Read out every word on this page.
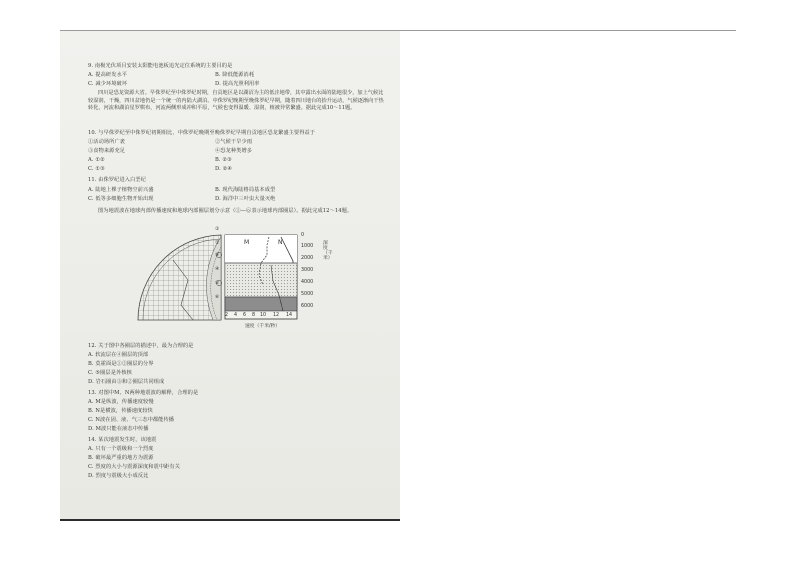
9. 南极光伏项目安装太阳能电池板追光定位系统的主要目的是
A. 提高研发水平	B. 降低能源消耗
C. 减少环境破坏	D. 提高光照利用率
四川是恐龙资源大省。早侏罗纪至中侏罗纪时期，自贡地区是以湖沼为主的低洼地带，其中露出水面的陆地很少，加上气候比较湿润，干燥，四川盆地仍是一个统一的内陆大湖泊。中侏罗纪晚期至晚侏罗纪早期，随着四川地台的抬升运动，气候逐渐向干热转化，河流和湖泊星罗棋布，河流两侧形成冲积平原，气候也变得温暖、湿润，植被异常繁盛。据此完成10～11题。
10. 与早侏罗纪至中侏罗纪初期相比，中侏罗纪晚期至晚侏罗纪早期自贡地区恐龙繁盛主要得益于
①活动场所广袤	②气候干旱少雨
③食物来源充足	④恐龙种类增多
A. ①②	B. ②③
C. ①③	D. ②④
11. 由侏罗纪进入白垩纪
A. 陆地上裸子植物空前兴盛	B. 现代海陆格局基本成型
C. 低等多细胞生物开始出现	D. 海洋中三叶虫大量灭绝
图为地震波在地球内部传播速度和地球内部圈层划分示意（①—⑥表示地球内部圈层）。据此完成12～14题。
M	N
0
1000
2000
3000
4000
5000
6000
深度（千米）
2 4 6 8 10 12 14
速度（千米/秒）
①
②
③
④
⑤
⑥
12. 关于图中各圈层的描述中，最为合理的是
A. 软流层在④圈层的顶部
B. 莫霍面是①②圈层的分界
C. ⑤圈层是外核核
D. 岩石圈由③和②圈层共同组成
13. 对图中M、N两种地震波的解释，合理的是
A. M是纵波，传播速度较慢
B. N是横波，传播速度较快
C. N波在固、液、气三态中都能传播
D. M波只能在液态中传播
14. 某次地震发生时，该地震
A. 只有一个震级和一个烈度
B. 破坏最严重的地方为震源
C. 烈度的大小与震源深度和震中距有关
D. 烈度与震级大小成反比
